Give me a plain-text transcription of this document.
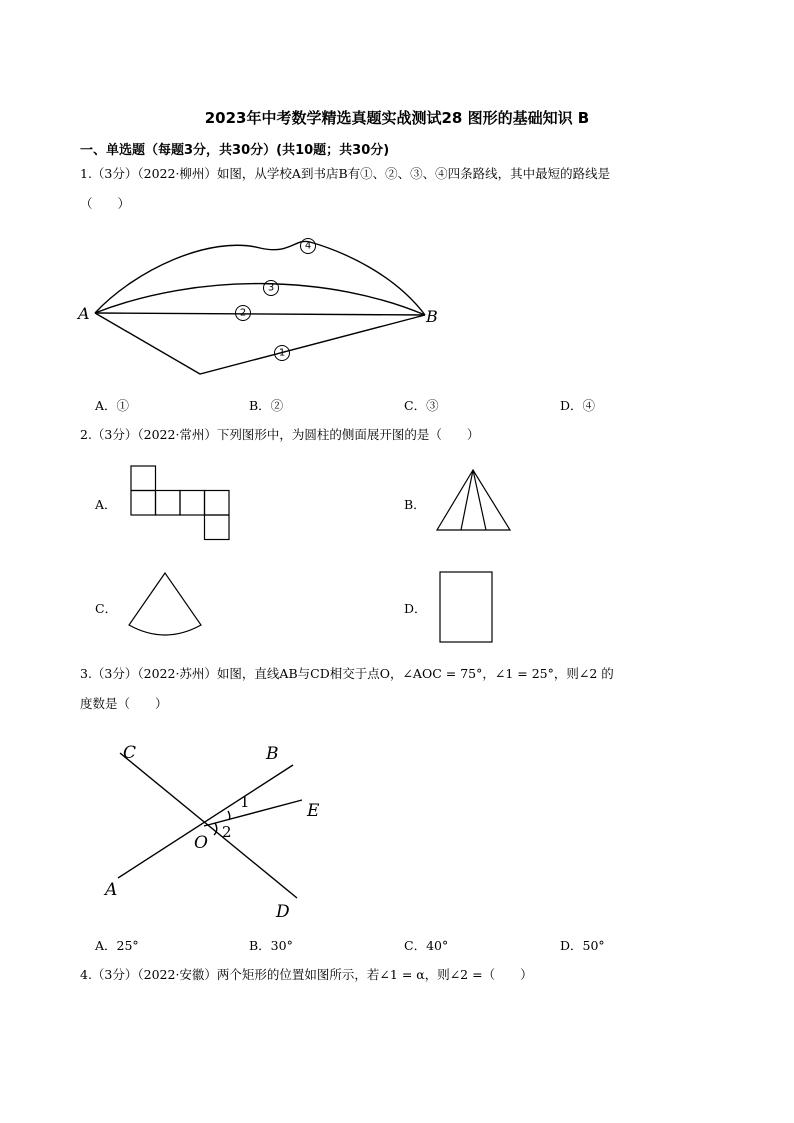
2023年中考数学精选真题实战测试28 图形的基础知识 B
一、单选题（每题3分，共30分）(共10题；共30分)
1.（3分）（2022·柳州）如图，从学校A到书店B有①、②、③、④四条路线，其中最短的路线是
（　　）
4
3
2
1
A	B
A．①	B．②	C．③	D．④
2.（3分）（2022·常州）下列图形中，为圆柱的侧面展开图的是（　　）
A．	B．
C．	D．
3.（3分）（2022·苏州）如图，直线AB与CD相交于点O，∠AOC = 75°，∠1 = 25°，则∠2 的
度数是（　　）
C	B
E
O
A
D
1
2
A．25°	B．30°	C．40°	D．50°
4.（3分）（2022·安徽）两个矩形的位置如图所示，若∠1 = α，则∠2 =（　　）
